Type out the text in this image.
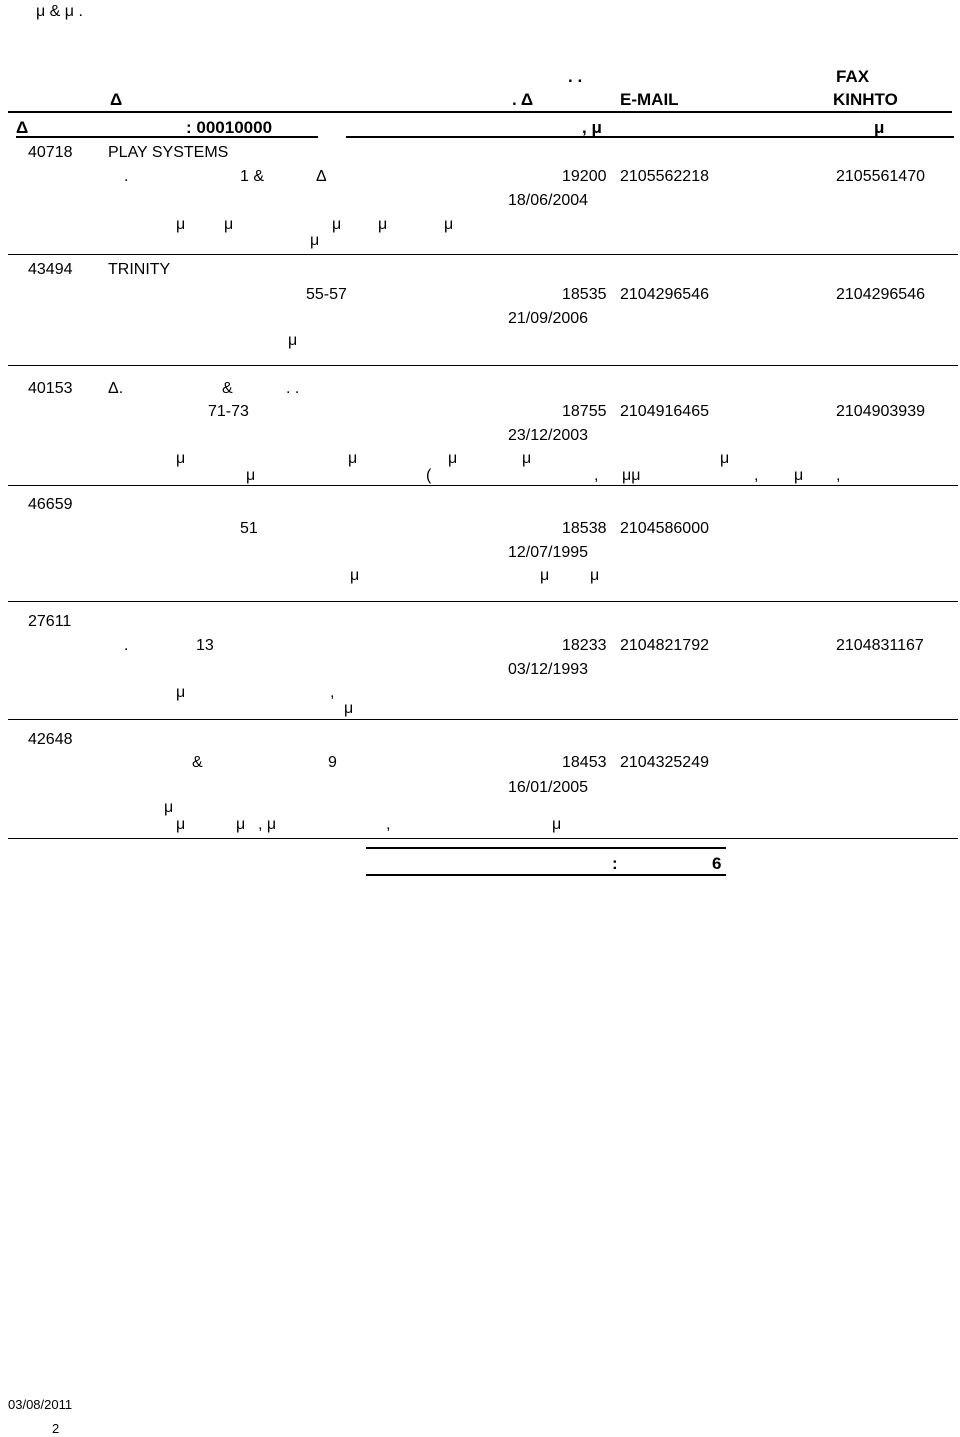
μ & μ .
. .	FAX
Δ	. Δ	E-MAIL	ΚΙΝΗΤΟ
Δ	: 00010000	, μ	μ
40718 PLAY SYSTEMS
.	1 &	Δ	19200 2105562218	2105561470
18/06/2004
μ μ	μ μ	μ
μ
43494 TRINITY
55-57	18535 2104296546	2104296546
21/09/2006
μ
40153 Δ.	&	. .
71-73	18755 2104916465	2104903939
23/12/2003
μ	μ	μ	μ	μ
μ	(	, μμ	, μ ,
46659
51	18538 2104586000
12/07/1995
μ	μ	μ
27611
.	13	18233 2104821792	2104831167
03/12/1993
μ	,
μ
42648
&	9	18453 2104325249
16/01/2005
μ
μ	μ , μ	,	μ
:	6
03/08/2011
2
